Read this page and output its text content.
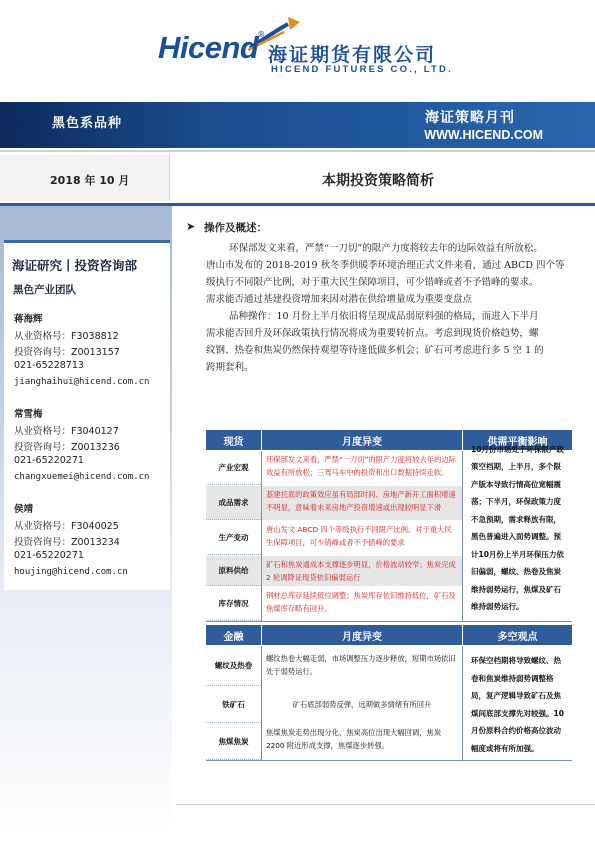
Hicend®
海证期货有限公司
HICEND FUTURES CO., LTD.
黑色系品种	海证策略月刊
WWW.HICEND.COM
2018 年 10 月	本期投资策略简析
海证研究丨投资咨询部
黑色产业团队
蒋海辉
从业资格号：F3038812
投资咨询号：Z0013157
021-65228713
jianghaihui@hicend.com.cn
常雪梅
从业资格号：F3040127
投资咨询号：Z0013236
021-65220271
changxuemei@hicend.com.cn
侯靖
从业资格号：F3040025
投资咨询号：Z0013234
021-65220271
houjing@hicend.com.cn
➤ 操作及概述：
环保部发文来看，严禁“一刀切”的限产力度将较去年的边际效益有所放松。
唐山市发布的 2018-2019 秋冬季供暖季环境治理正式文件来看，通过 ABCD 四个等
级执行不同限产比例，对于重大民生保障项目，可少错峰或者不予错峰的要求。
需求能否通过基建投资增加来因对潜在供给增量成为重要变盘点
品种操作：10 月份上半月依旧将呈现成品弱原料强的格局，而进入下半月
需求能否回升及环保政策执行情况将成为重要转折点。考虑到现货价格趋势，螺
纹钢、热卷和焦炭仍然保持观望等待逢低做多机会；矿石可考虑进行多 5 空 1 的
跨期套利。
现货	月度异变	供需平衡影响
产业宏观
环保部发文来看，严禁“一刀切”的限产力度将较去年的边际效益有所放松；三驾马车中的投资和出口数据持续走软。
成品需求
基建托底的政策效应虽有局部时间、房地产新开工面积增速不明显，意味着未来房地产投资增速或出现较明显下滑
生产变动
唐山发文 ABCD 四个等级执行不同限产比例，对于重大民生保障项目，可少错峰或者不予错峰的要求
原料供给
矿石和焦炭通成本支撑逐步明显，价格波动较窄；焦炭完成 2 轮调降证现货依旧偏弱运行
库存情况
钢材总库存延续低位调整；焦炭库存依旧维持低位，矿石及焦煤库存略有回升。
10月份市场处于环保限产政策空档期，上半月，多个限产版本导致行情高位宽幅震荡；下半月，环保政策力度不急预期，需求释放有限，黑色普遍进入面势调整。预计10月份上半月环保压力依旧偏弱，螺纹、热卷及焦炭维持弱势运行，焦煤及矿石维持弱势运行。
金融	月度异变	多空观点
螺纹及热卷
螺纹热卷大幅走弱，市场调整压力逐步释放，短期市场依旧处于弱势运行。
铁矿石	矿石底部弱势反弹，远期做多情绪有所回升
焦煤焦炭
焦煤焦炭走势出现分化，焦炭高位出现大幅回调，焦炭 2200 附近形成支撑，焦煤逐步转强。
环保空档期将导致螺纹、热卷和焦炭维持弱势调整格局，复产逻辑导致矿石及焦煤间底部支撑先对较强。10月份原料合约价格高位波动幅度或将有所加强。
